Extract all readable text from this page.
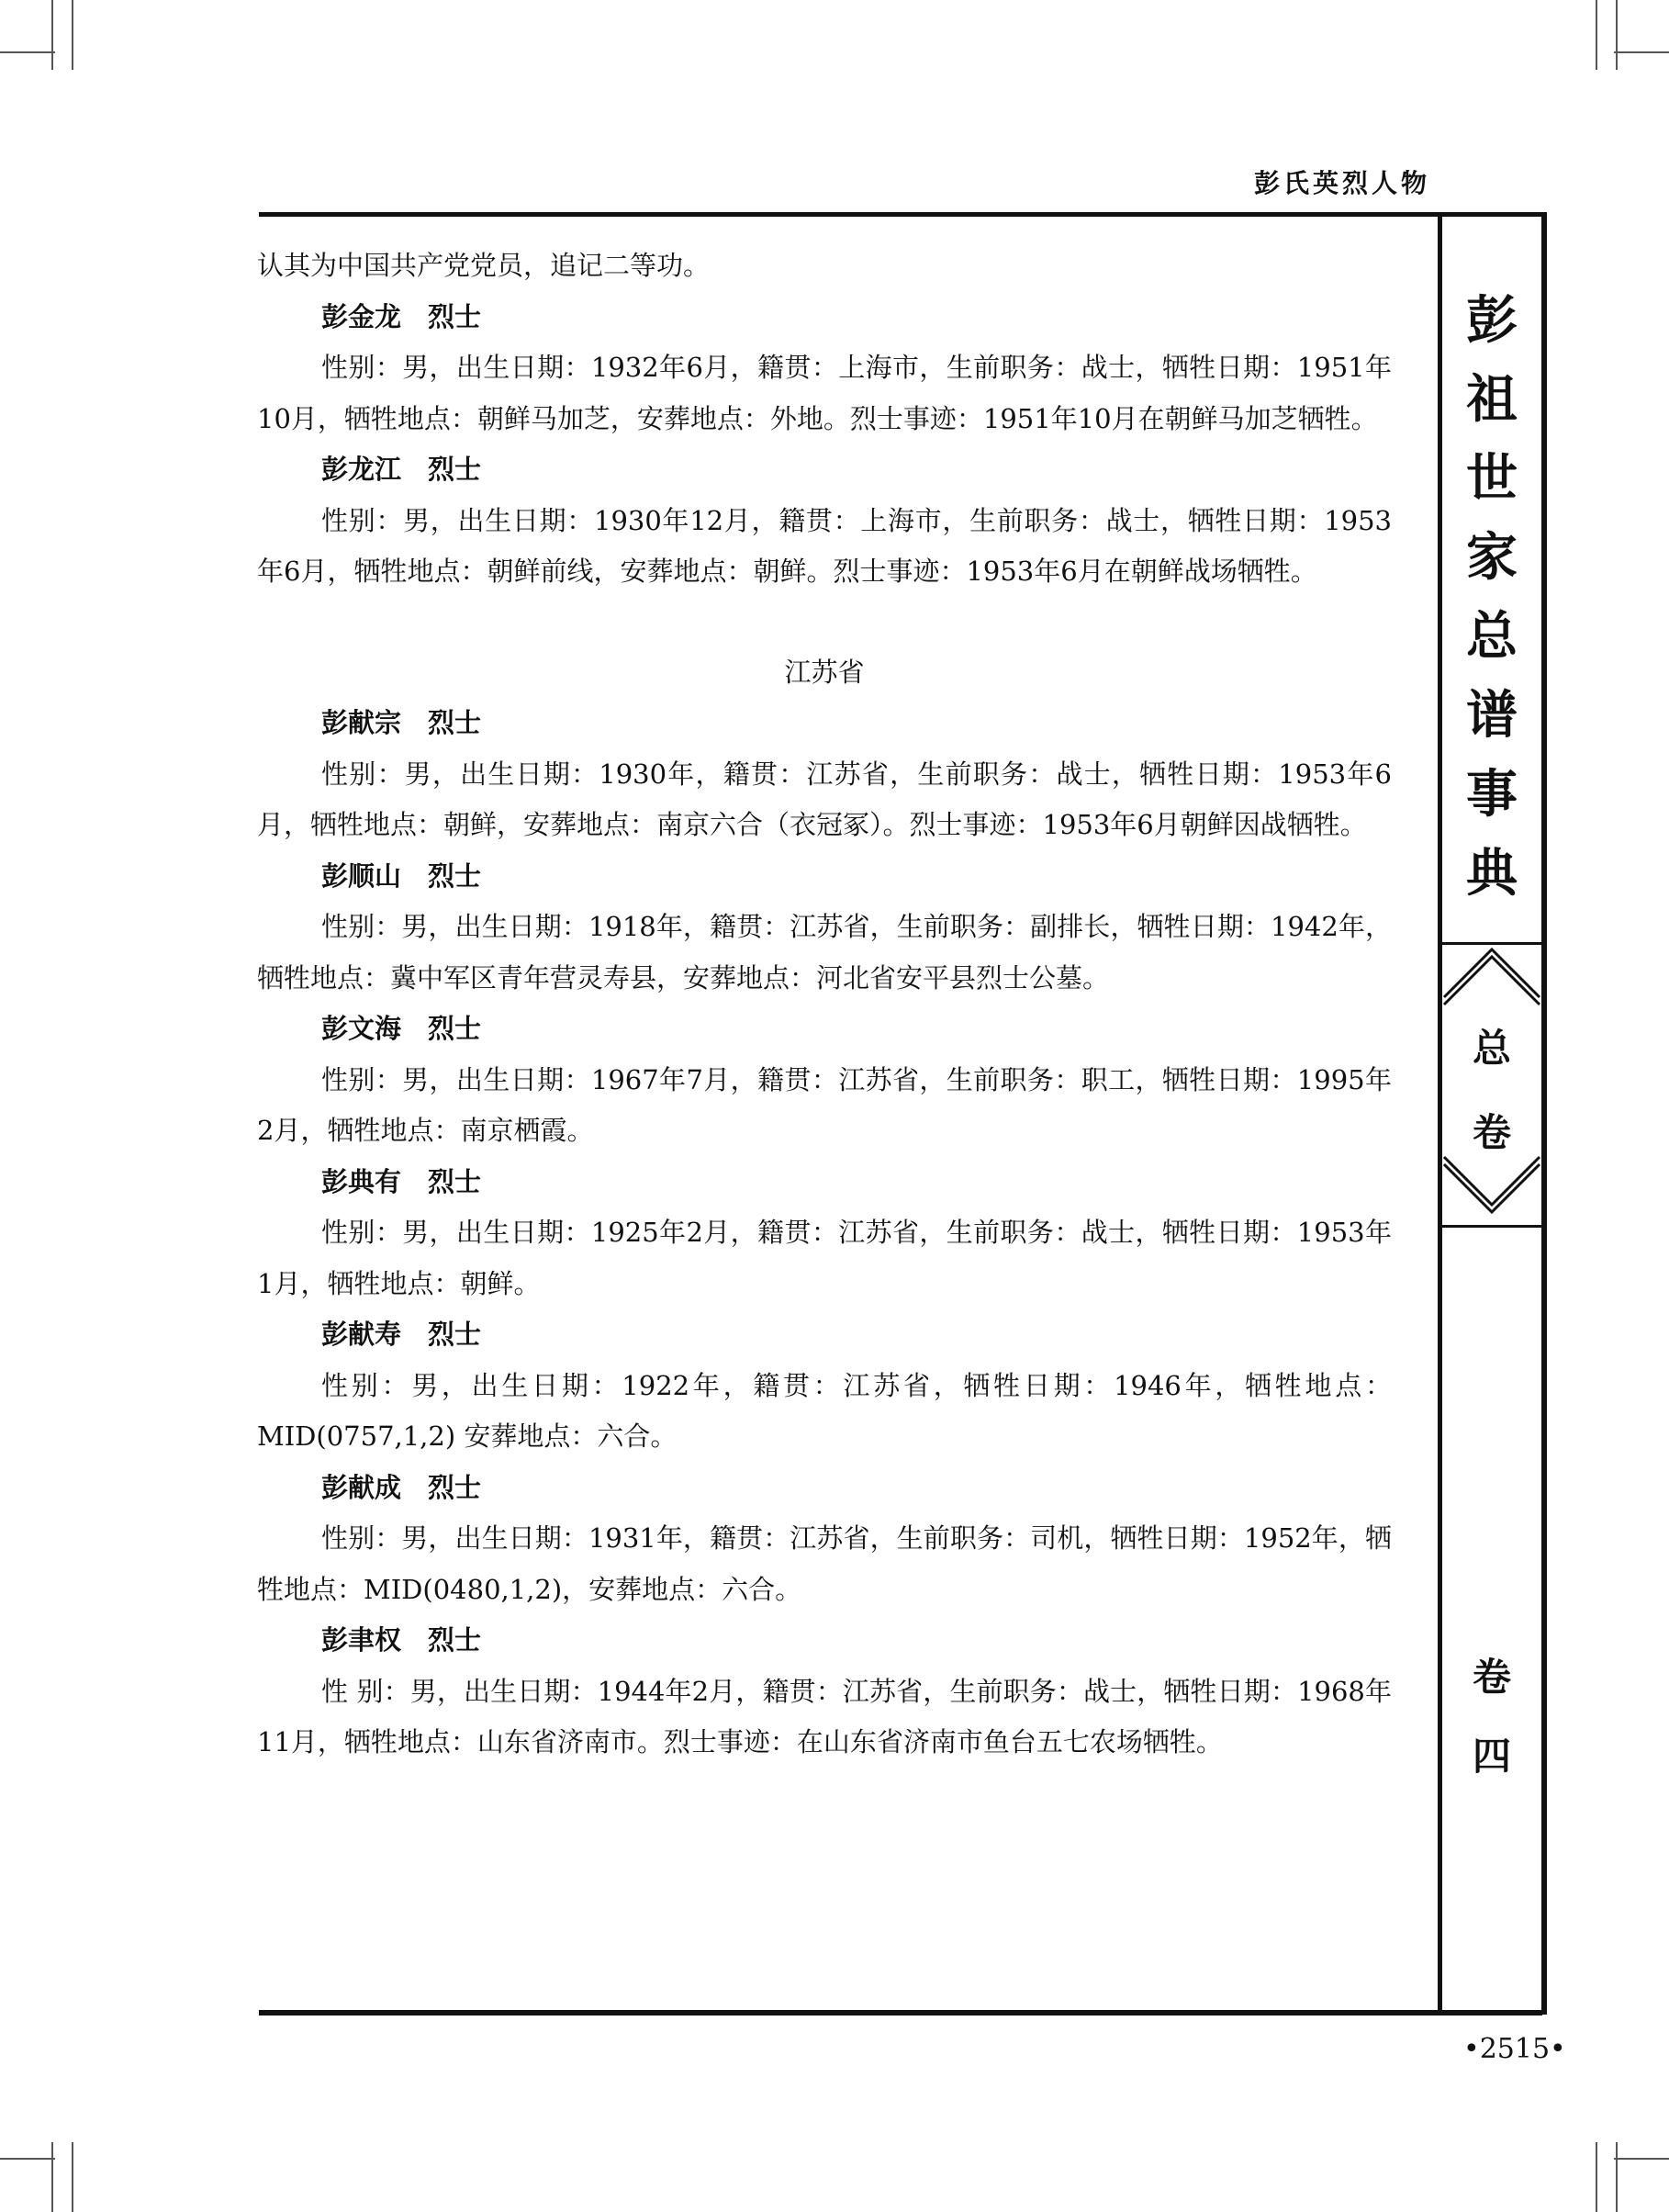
彭氏英烈人物
彭
祖
世
家
总
谱
事
典
总
卷
卷
四

认其为中国共产党党员，追记二等功。

彭金龙　烈士

性别：男，出生日期：1932年6月，籍贯：上海市，生前职务：战士，牺牲日期：1951年10月，牺牲地点：朝鲜马加芝，安葬地点：外地。烈士事迹：1951年10月在朝鲜马加芝牺牲。

彭龙江　烈士

性别：男，出生日期：1930年12月，籍贯：上海市，生前职务：战士，牺牲日期：1953年6月，牺牲地点：朝鲜前线，安葬地点：朝鲜。烈士事迹：1953年6月在朝鲜战场牺牲。

江苏省

彭献宗　烈士

性别：男，出生日期：1930年，籍贯：江苏省，生前职务：战士，牺牲日期：1953年6月，牺牲地点：朝鲜，安葬地点：南京六合（衣冠冢）。烈士事迹：1953年6月朝鲜因战牺牲。

彭顺山　烈士

性别：男，出生日期：1918年，籍贯：江苏省，生前职务：副排长，牺牲日期：1942年，牺牲地点：冀中军区青年营灵寿县，安葬地点：河北省安平县烈士公墓。

彭文海　烈士

性别：男，出生日期：1967年7月，籍贯：江苏省，生前职务：职工，牺牲日期：1995年2月，牺牲地点：南京栖霞。

彭典有　烈士

性别：男，出生日期：1925年2月，籍贯：江苏省，生前职务：战士，牺牲日期：1953年1月，牺牲地点：朝鲜。

彭献寿　烈士

性别：男，出生日期：1922年，籍贯：江苏省，牺牲日期：1946年，牺牲地点：MID(0757,1,2) 安葬地点：六合。

彭献成　烈士

性别：男，出生日期：1931年，籍贯：江苏省，生前职务：司机，牺牲日期：1952年，牺牲地点：MID(0480,1,2)，安葬地点：六合。

彭聿权　烈士

性 别：男，出生日期：1944年2月，籍贯：江苏省，生前职务：战士，牺牲日期：1968年11月，牺牲地点：山东省济南市。烈士事迹：在山东省济南市鱼台五七农场牺牲。

•2515•
